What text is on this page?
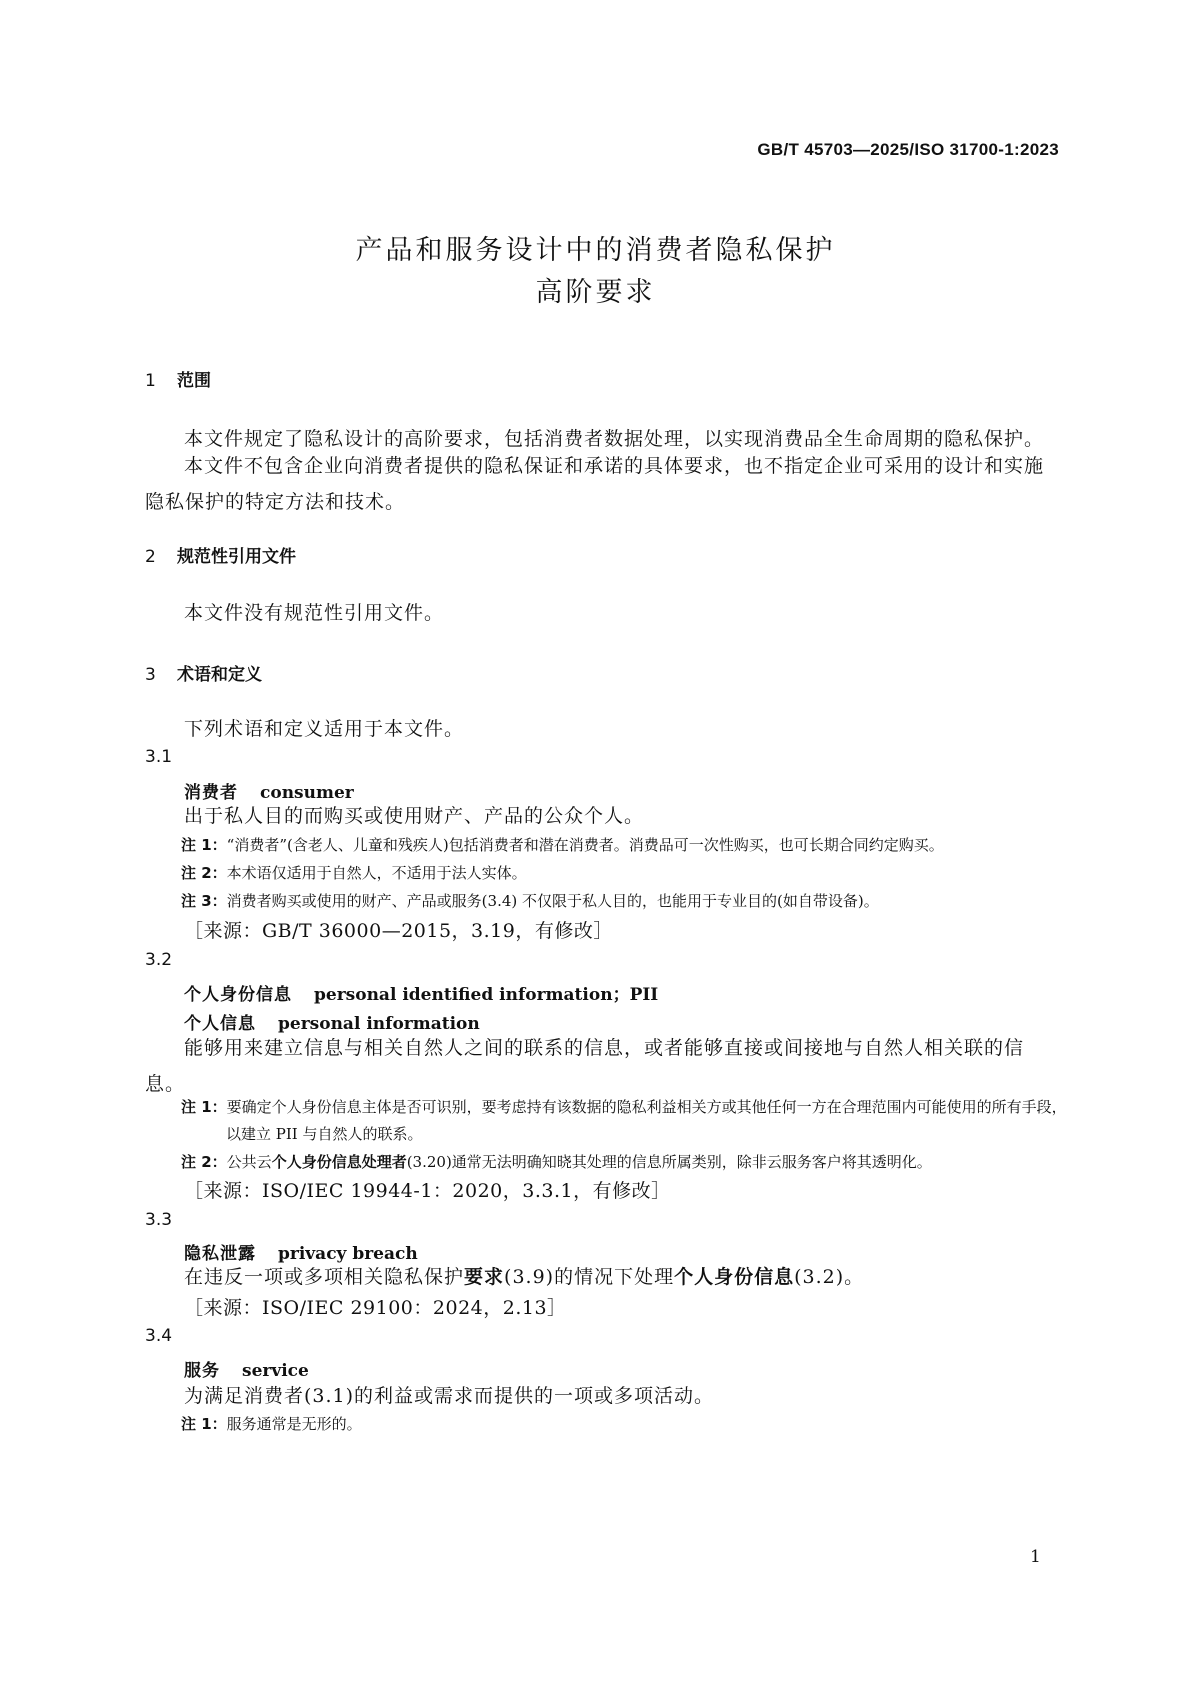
GB/T 45703—2025/ISO 31700-1:2023
产品和服务设计中的消费者隐私保护
高阶要求
1 范围
本文件规定了隐私设计的高阶要求，包括消费者数据处理，以实现消费品全生命周期的隐私保护。
本文件不包含企业向消费者提供的隐私保证和承诺的具体要求，也不指定企业可采用的设计和实施隐私保护的特定方法和技术。
2 规范性引用文件
本文件没有规范性引用文件。
3 术语和定义
下列术语和定义适用于本文件。
3.1
消费者 consumer
出于私人目的而购买或使用财产、产品的公众个人。
注 1：“消费者”(含老人、儿童和残疾人)包括消费者和潜在消费者。消费品可一次性购买，也可长期合同约定购买。
注 2：本术语仅适用于自然人，不适用于法人实体。
注 3：消费者购买或使用的财产、产品或服务(3.4) 不仅限于私人目的，也能用于专业目的(如自带设备)。
［来源：GB/T 36000—2015，3.19，有修改］
3.2
个人身份信息 personal identified information；PII
个人信息 personal information
能够用来建立信息与相关自然人之间的联系的信息，或者能够直接或间接地与自然人相关联的信息。
注 1：要确定个人身份信息主体是否可识别，要考虑持有该数据的隐私利益相关方或其他任何一方在合理范围内可能使用的所有手段，以建立 PII 与自然人的联系。
注 2：公共云个人身份信息处理者(3.20)通常无法明确知晓其处理的信息所属类别，除非云服务客户将其透明化。
［来源：ISO/IEC 19944-1：2020，3.3.1，有修改］
3.3
隐私泄露 privacy breach
在违反一项或多项相关隐私保护要求(3.9)的情况下处理个人身份信息(3.2)。
［来源：ISO/IEC 29100：2024，2.13］
3.4
服务 service
为满足消费者(3.1)的利益或需求而提供的一项或多项活动。
注 1：服务通常是无形的。
1
